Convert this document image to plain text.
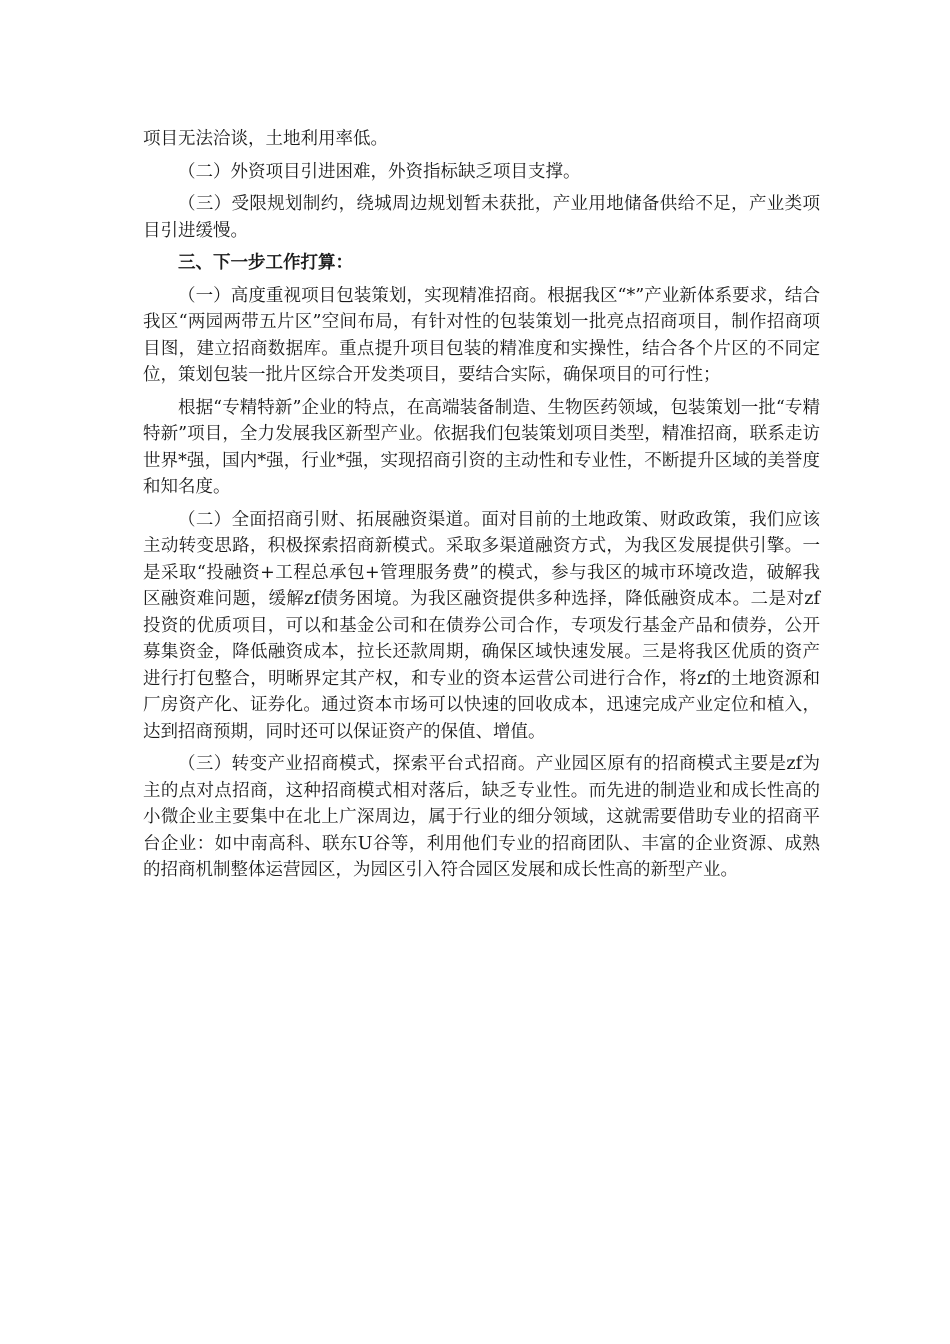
项目无法洽谈，土地利用率低。

（二）外资项目引进困难，外资指标缺乏项目支撑。

（三）受限规划制约，绕城周边规划暂未获批，产业用地储备供给不足，产业类项目引进缓慢。

三、下一步工作打算：

（一）高度重视项目包装策划，实现精准招商。根据我区“*”产业新体系要求，结合我区“两园两带五片区”空间布局，有针对性的包装策划一批亮点招商项目，制作招商项目图，建立招商数据库。重点提升项目包装的精准度和实操性，结合各个片区的不同定位，策划包装一批片区综合开发类项目，要结合实际，确保项目的可行性；

根据“专精特新”企业的特点，在高端装备制造、生物医药领域，包装策划一批“专精特新”项目，全力发展我区新型产业。依据我们包装策划项目类型，精准招商，联系走访世界*强，国内*强，行业*强，实现招商引资的主动性和专业性，不断提升区域的美誉度和知名度。

（二）全面招商引财、拓展融资渠道。面对目前的土地政策、财政政策，我们应该主动转变思路，积极探索招商新模式。采取多渠道融资方式，为我区发展提供引擎。一是采取“投融资+工程总承包+管理服务费”的模式，参与我区的城市环境改造，破解我区融资难问题，缓解zf债务困境。为我区融资提供多种选择，降低融资成本。二是对zf投资的优质项目，可以和基金公司和在债券公司合作，专项发行基金产品和债券，公开募集资金，降低融资成本，拉长还款周期，确保区域快速发展。三是将我区优质的资产进行打包整合，明晰界定其产权，和专业的资本运营公司进行合作，将zf的土地资源和厂房资产化、证券化。通过资本市场可以快速的回收成本，迅速完成产业定位和植入，达到招商预期，同时还可以保证资产的保值、增值。

（三）转变产业招商模式，探索平台式招商。产业园区原有的招商模式主要是zf为主的点对点招商，这种招商模式相对落后，缺乏专业性。而先进的制造业和成长性高的小微企业主要集中在北上广深周边，属于行业的细分领域，这就需要借助专业的招商平台企业：如中南高科、联东U谷等，利用他们专业的招商团队、丰富的企业资源、成熟的招商机制整体运营园区，为园区引入符合园区发展和成长性高的新型产业。
